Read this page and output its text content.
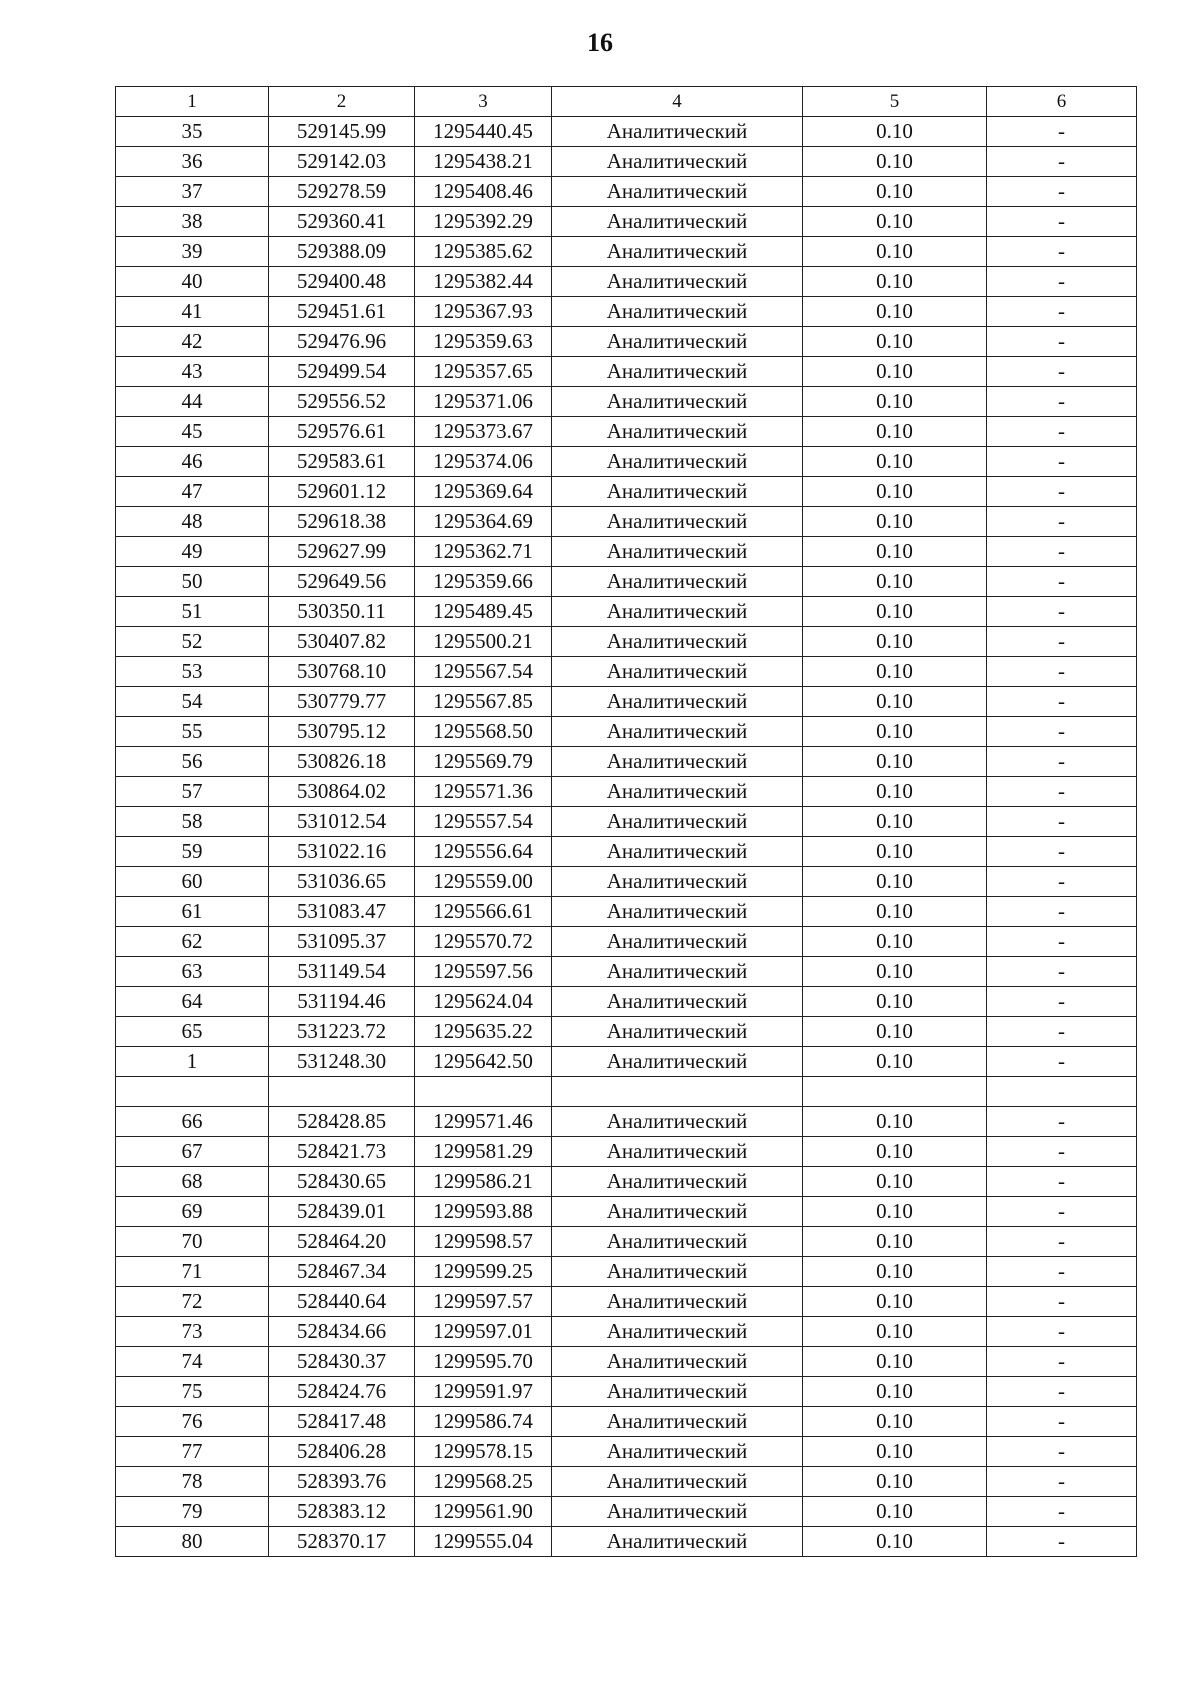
16
1	2	3	4	5	6
35	529145.99	1295440.45	Аналитический	0.10	-
36	529142.03	1295438.21	Аналитический	0.10	-
37	529278.59	1295408.46	Аналитический	0.10	-
38	529360.41	1295392.29	Аналитический	0.10	-
39	529388.09	1295385.62	Аналитический	0.10	-
40	529400.48	1295382.44	Аналитический	0.10	-
41	529451.61	1295367.93	Аналитический	0.10	-
42	529476.96	1295359.63	Аналитический	0.10	-
43	529499.54	1295357.65	Аналитический	0.10	-
44	529556.52	1295371.06	Аналитический	0.10	-
45	529576.61	1295373.67	Аналитический	0.10	-
46	529583.61	1295374.06	Аналитический	0.10	-
47	529601.12	1295369.64	Аналитический	0.10	-
48	529618.38	1295364.69	Аналитический	0.10	-
49	529627.99	1295362.71	Аналитический	0.10	-
50	529649.56	1295359.66	Аналитический	0.10	-
51	530350.11	1295489.45	Аналитический	0.10	-
52	530407.82	1295500.21	Аналитический	0.10	-
53	530768.10	1295567.54	Аналитический	0.10	-
54	530779.77	1295567.85	Аналитический	0.10	-
55	530795.12	1295568.50	Аналитический	0.10	-
56	530826.18	1295569.79	Аналитический	0.10	-
57	530864.02	1295571.36	Аналитический	0.10	-
58	531012.54	1295557.54	Аналитический	0.10	-
59	531022.16	1295556.64	Аналитический	0.10	-
60	531036.65	1295559.00	Аналитический	0.10	-
61	531083.47	1295566.61	Аналитический	0.10	-
62	531095.37	1295570.72	Аналитический	0.10	-
63	531149.54	1295597.56	Аналитический	0.10	-
64	531194.46	1295624.04	Аналитический	0.10	-
65	531223.72	1295635.22	Аналитический	0.10	-
1	531248.30	1295642.50	Аналитический	0.10	-

66	528428.85	1299571.46	Аналитический	0.10	-
67	528421.73	1299581.29	Аналитический	0.10	-
68	528430.65	1299586.21	Аналитический	0.10	-
69	528439.01	1299593.88	Аналитический	0.10	-
70	528464.20	1299598.57	Аналитический	0.10	-
71	528467.34	1299599.25	Аналитический	0.10	-
72	528440.64	1299597.57	Аналитический	0.10	-
73	528434.66	1299597.01	Аналитический	0.10	-
74	528430.37	1299595.70	Аналитический	0.10	-
75	528424.76	1299591.97	Аналитический	0.10	-
76	528417.48	1299586.74	Аналитический	0.10	-
77	528406.28	1299578.15	Аналитический	0.10	-
78	528393.76	1299568.25	Аналитический	0.10	-
79	528383.12	1299561.90	Аналитический	0.10	-
80	528370.17	1299555.04	Аналитический	0.10	-
